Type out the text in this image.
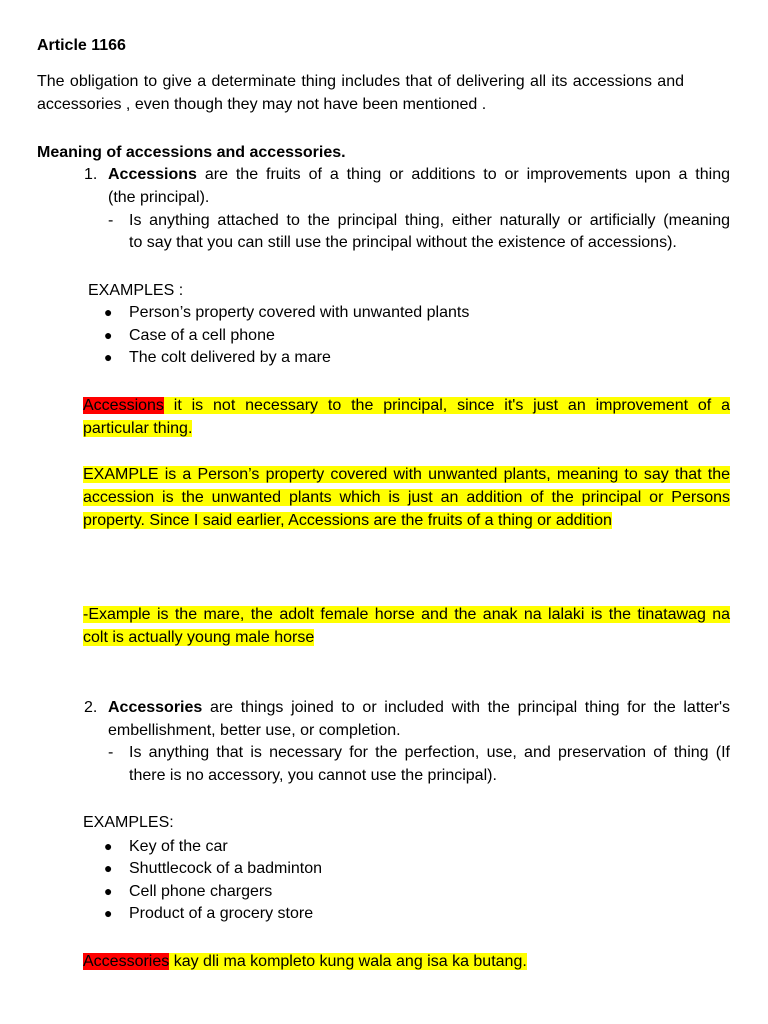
Article 1166
The obligation to give a determinate thing includes that of delivering all its accessions and
accessories , even though they may not have been mentioned .
Meaning of accessions and accessories.
1. Accessions are the fruits of a thing or additions to or improvements upon a thing
(the principal).
- Is anything attached to the principal thing, either naturally or artificially (meaning
to say that you can still use the principal without the existence of accessions).
EXAMPLES :
● Person’s property covered with unwanted plants
● Case of a cell phone
● The colt delivered by a mare
Accessions it is not necessary to the principal, since it's just an improvement of a
particular thing.
EXAMPLE is a Person’s property covered with unwanted plants, meaning to say that the
accession is the unwanted plants which is just an addition of the principal or Persons
property. Since I said earlier, Accessions are the fruits of a thing or addition
-Example is the mare, the adolt female horse and the anak na lalaki is the tinatawag na
colt is actually young male horse
2. Accessories are things joined to or included with the principal thing for the latter's
embellishment, better use, or completion.
- Is anything that is necessary for the perfection, use, and preservation of thing (If
there is no accessory, you cannot use the principal).
EXAMPLES:
● Key of the car
● Shuttlecock of a badminton
● Cell phone chargers
● Product of a grocery store
Accessories kay dli ma kompleto kung wala ang isa ka butang.
